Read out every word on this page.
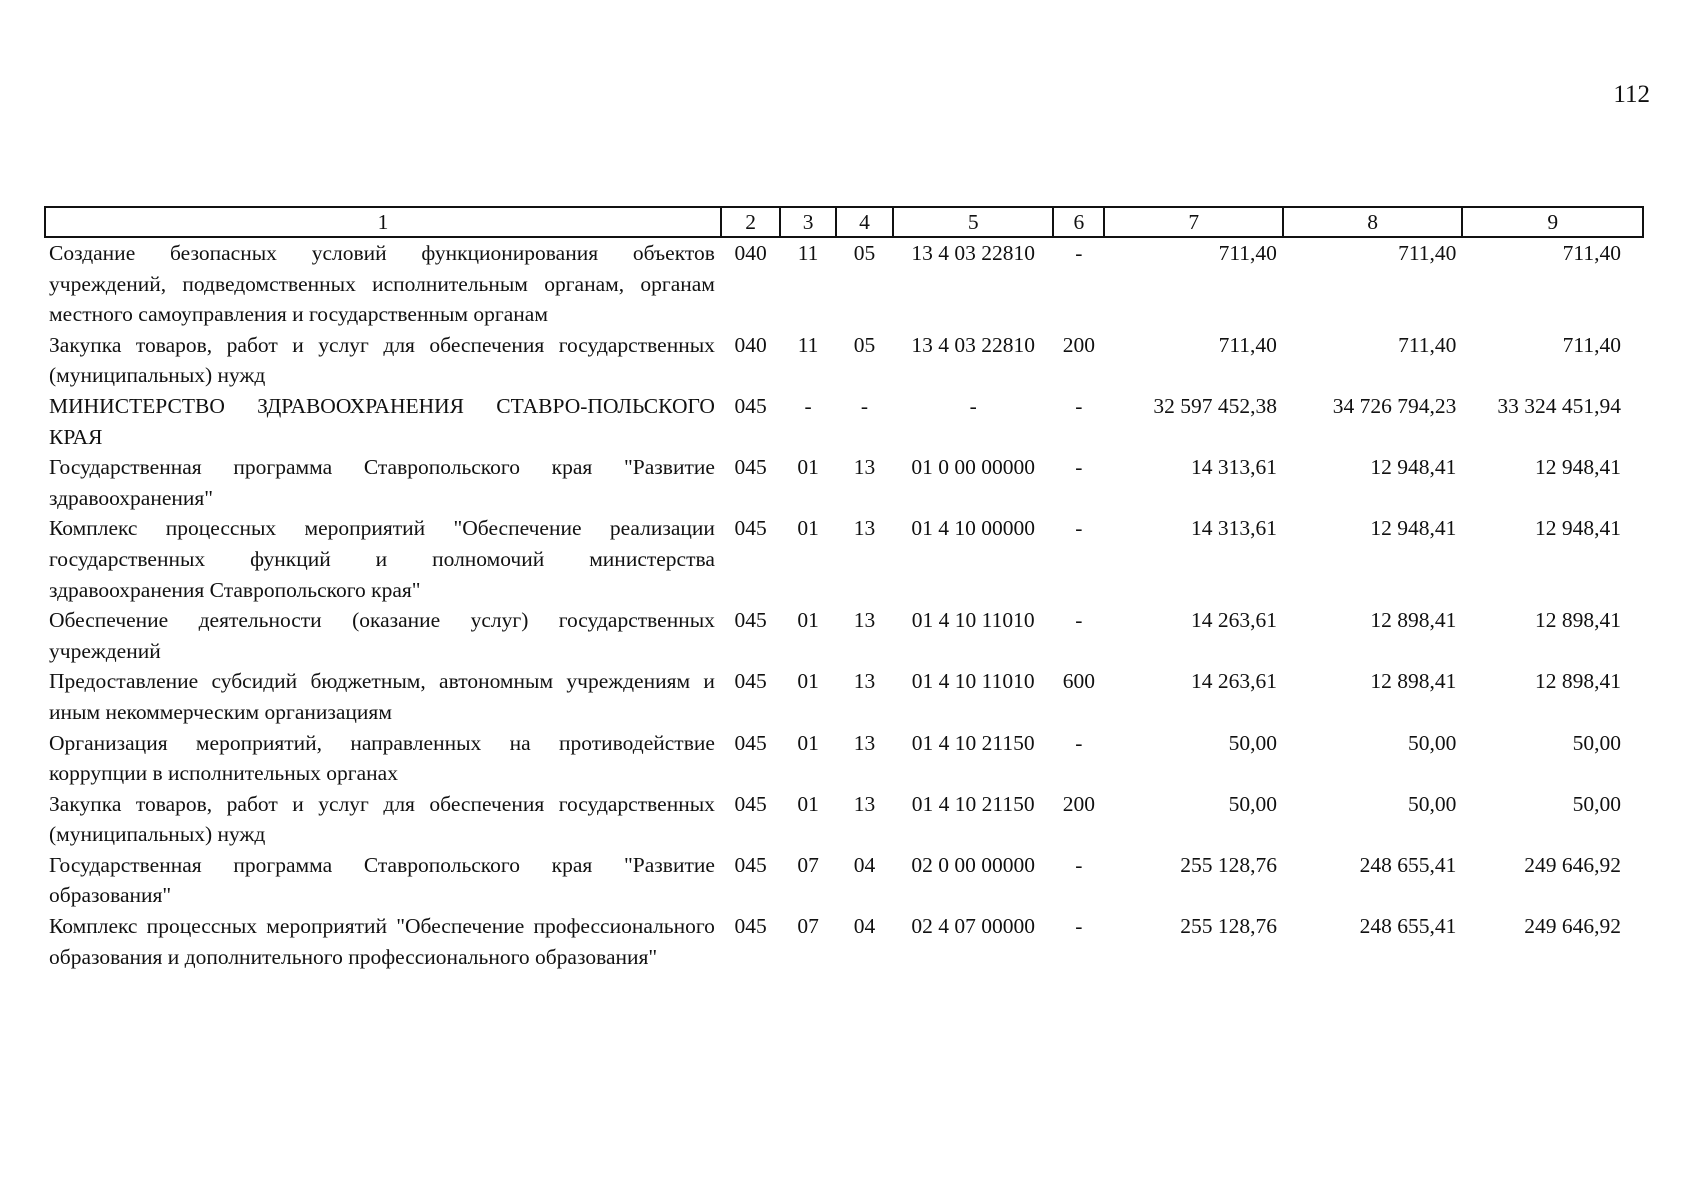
112
1	2	3	4	5	6	7	8	9
Создание безопасных условий функционирования объектов учреждений, подведомственных исполнительным органам, органам местного самоуправления и государственным органам	040	11	05	13 4 03 22810	-	711,40	711,40	711,40
Закупка товаров, работ и услуг для обеспечения государственных (муниципальных) нужд	040	11	05	13 4 03 22810	200	711,40	711,40	711,40
МИНИСТЕРСТВО ЗДРАВООХРАНЕНИЯ СТАВРО-ПОЛЬСКОГО КРАЯ	045	-	-	-	-	32 597 452,38	34 726 794,23	33 324 451,94
Государственная программа Ставропольского края "Развитие здравоохранения"	045	01	13	01 0 00 00000	-	14 313,61	12 948,41	12 948,41
Комплекс процессных мероприятий "Обеспечение реализации государственных функций и полномочий министерства здравоохранения Ставропольского края"	045	01	13	01 4 10 00000	-	14 313,61	12 948,41	12 948,41
Обеспечение деятельности (оказание услуг) государственных учреждений	045	01	13	01 4 10 11010	-	14 263,61	12 898,41	12 898,41
Предоставление субсидий бюджетным, автономным учреждениям и иным некоммерческим организациям	045	01	13	01 4 10 11010	600	14 263,61	12 898,41	12 898,41
Организация мероприятий, направленных на противодействие коррупции в исполнительных органах	045	01	13	01 4 10 21150	-	50,00	50,00	50,00
Закупка товаров, работ и услуг для обеспечения государственных (муниципальных) нужд	045	01	13	01 4 10 21150	200	50,00	50,00	50,00
Государственная программа Ставропольского края "Развитие образования"	045	07	04	02 0 00 00000	-	255 128,76	248 655,41	249 646,92
Комплекс процессных мероприятий "Обеспечение профессионального образования и дополнительного профессионального образования"	045	07	04	02 4 07 00000	-	255 128,76	248 655,41	249 646,92
